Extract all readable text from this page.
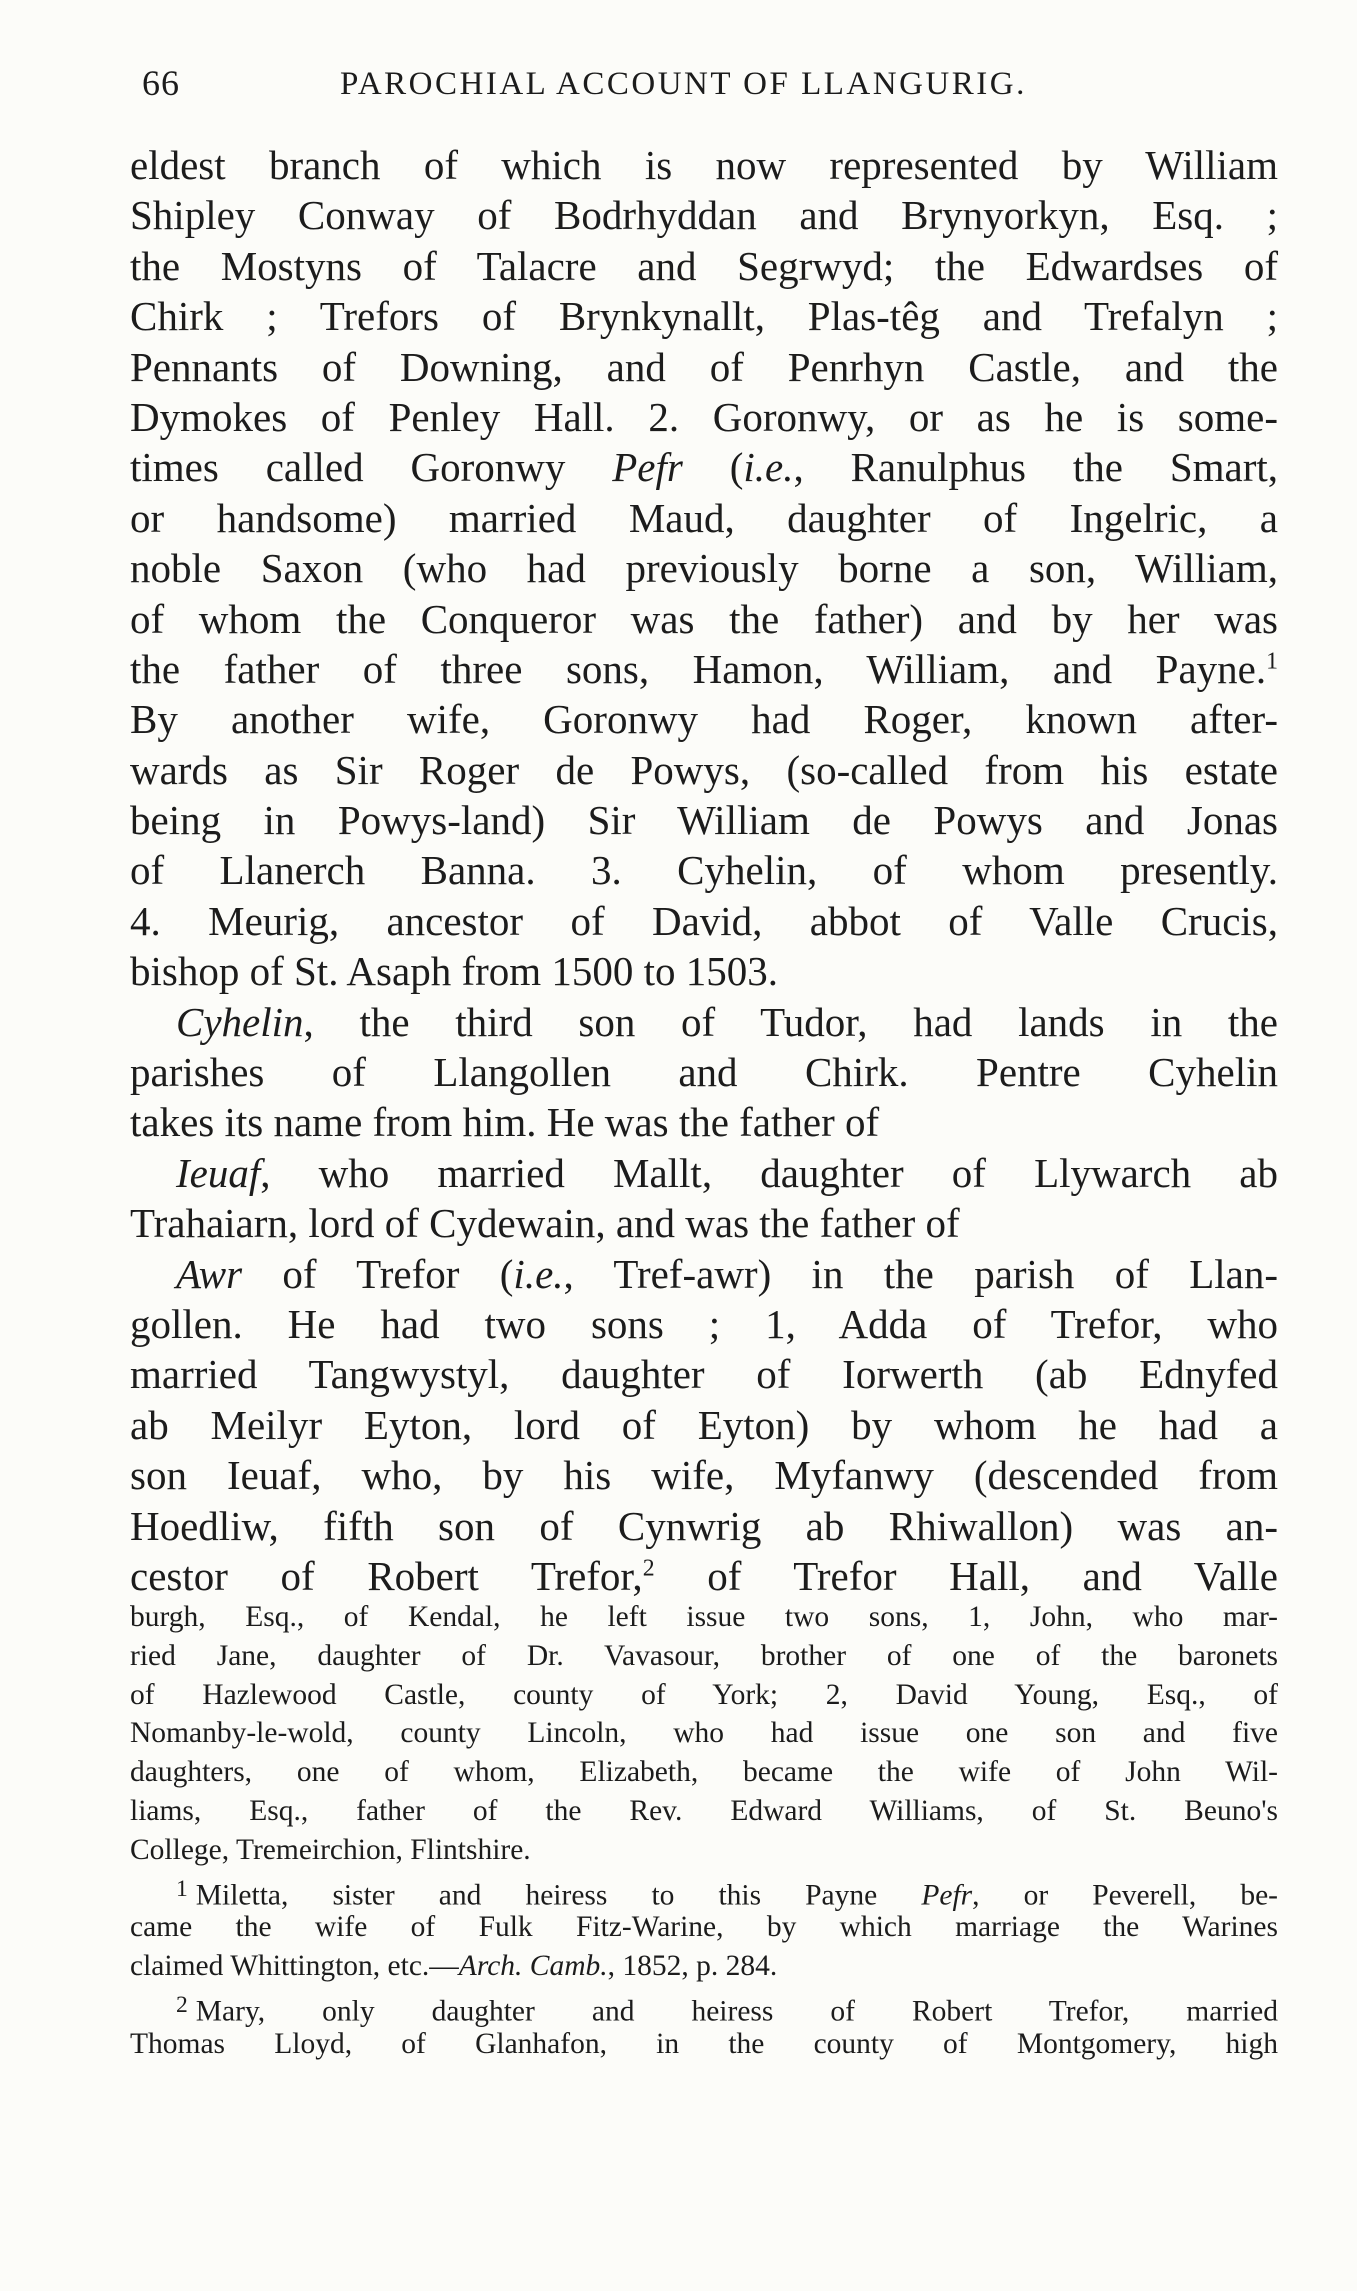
66	PAROCHIAL ACCOUNT OF LLANGURIG.
eldest branch of which is now represented by William
Shipley Conway of Bodrhyddan and Brynyorkyn, Esq. ;
the Mostyns of Talacre and Segrwyd; the Edwardses of
Chirk ; Trefors of Brynkynallt, Plas-têg and Trefalyn ;
Pennants of Downing, and of Penrhyn Castle, and the
Dymokes of Penley Hall. 2. Goronwy, or as he is some-
times called Goronwy Pefr (i.e., Ranulphus the Smart,
or handsome) married Maud, daughter of Ingelric, a
noble Saxon (who had previously borne a son, William,
of whom the Conqueror was the father) and by her was
the father of three sons, Hamon, William, and Payne.$^1$
By another wife, Goronwy had Roger, known after-
wards as Sir Roger de Powys, (so-called from his estate
being in Powys-land) Sir William de Powys and Jonas
of Llanerch Banna. 3. Cyhelin, of whom presently.
4. Meurig, ancestor of David, abbot of Valle Crucis,
bishop of St. Asaph from 1500 to 1503.
Cyhelin, the third son of Tudor, had lands in the
parishes of Llangollen and Chirk. Pentre Cyhelin
takes its name from him. He was the father of
Ieuaf, who married Mallt, daughter of Llywarch ab
Trahaiarn, lord of Cydewain, and was the father of
Awr of Trefor (i.e., Tref-awr) in the parish of Llan-
gollen. He had two sons ; 1, Adda of Trefor, who
married Tangwystyl, daughter of Iorwerth (ab Ednyfed
ab Meilyr Eyton, lord of Eyton) by whom he had a
son Ieuaf, who, by his wife, Myfanwy (descended from
Hoedliw, fifth son of Cynwrig ab Rhiwallon) was an-
cestor of Robert Trefor,$^2$ of Trefor Hall, and Valle
burgh, Esq., of Kendal, he left issue two sons, 1, John, who mar-
ried Jane, daughter of Dr. Vavasour, brother of one of the baronets
of Hazlewood Castle, county of York; 2, David Young, Esq., of
Nomanby-le-wold, county Lincoln, who had issue one son and five
daughters, one of whom, Elizabeth, became the wife of John Wil-
liams, Esq., father of the Rev. Edward Williams, of St. Beuno's
College, Tremeirchion, Flintshire.
$^1$ Miletta, sister and heiress to this Payne Pefr, or Peverell, be-
came the wife of Fulk Fitz-Warine, by which marriage the Warines
claimed Whittington, etc.—Arch. Camb., 1852, p. 284.
$^2$ Mary, only daughter and heiress of Robert Trefor, married
Thomas Lloyd, of Glanhafon, in the county of Montgomery, high
